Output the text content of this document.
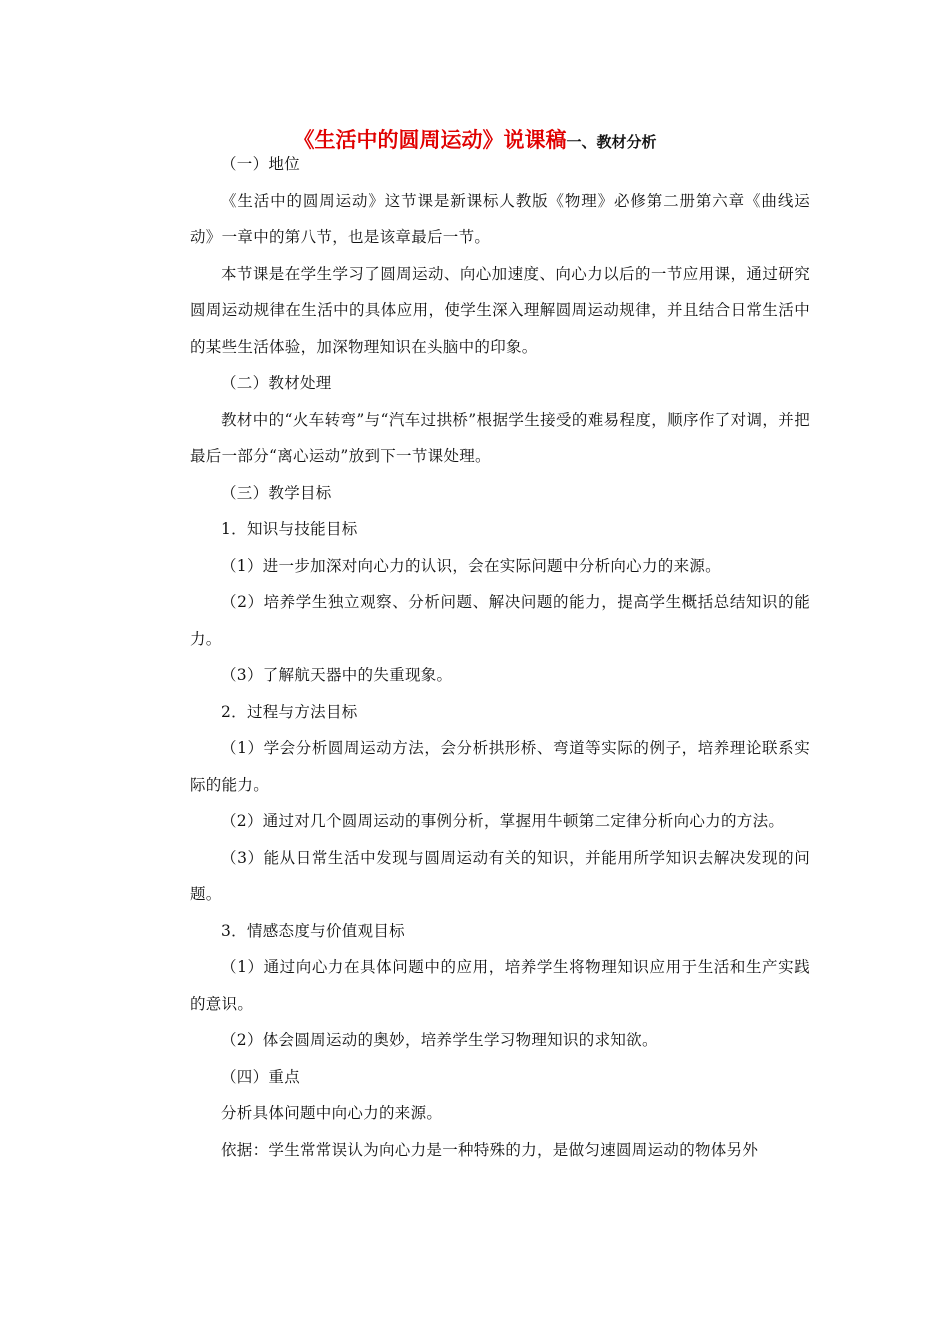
《生活中的圆周运动》说课稿一、教材分析

（一）地位

《生活中的圆周运动》这节课是新课标人教版《物理》必修第二册第六章《曲线运动》一章中的第八节，也是该章最后一节。

本节课是在学生学习了圆周运动、向心加速度、向心力以后的一节应用课，通过研究圆周运动规律在生活中的具体应用，使学生深入理解圆周运动规律，并且结合日常生活中的某些生活体验，加深物理知识在头脑中的印象。

（二）教材处理

教材中的“火车转弯”与“汽车过拱桥”根据学生接受的难易程度，顺序作了对调，并把最后一部分“离心运动”放到下一节课处理。

（三）教学目标

1．知识与技能目标

（1）进一步加深对向心力的认识，会在实际问题中分析向心力的来源。

（2）培养学生独立观察、分析问题、解决问题的能力，提高学生概括总结知识的能力。

（3）了解航天器中的失重现象。

2．过程与方法目标

（1）学会分析圆周运动方法，会分析拱形桥、弯道等实际的例子，培养理论联系实际的能力。

（2）通过对几个圆周运动的事例分析，掌握用牛顿第二定律分析向心力的方法。

（3）能从日常生活中发现与圆周运动有关的知识，并能用所学知识去解决发现的问题。

3．情感态度与价值观目标

（1）通过向心力在具体问题中的应用，培养学生将物理知识应用于生活和生产实践的意识。

（2）体会圆周运动的奥妙，培养学生学习物理知识的求知欲。

（四）重点

分析具体问题中向心力的来源。

依据：学生常常误认为向心力是一种特殊的力，是做匀速圆周运动的物体另外
